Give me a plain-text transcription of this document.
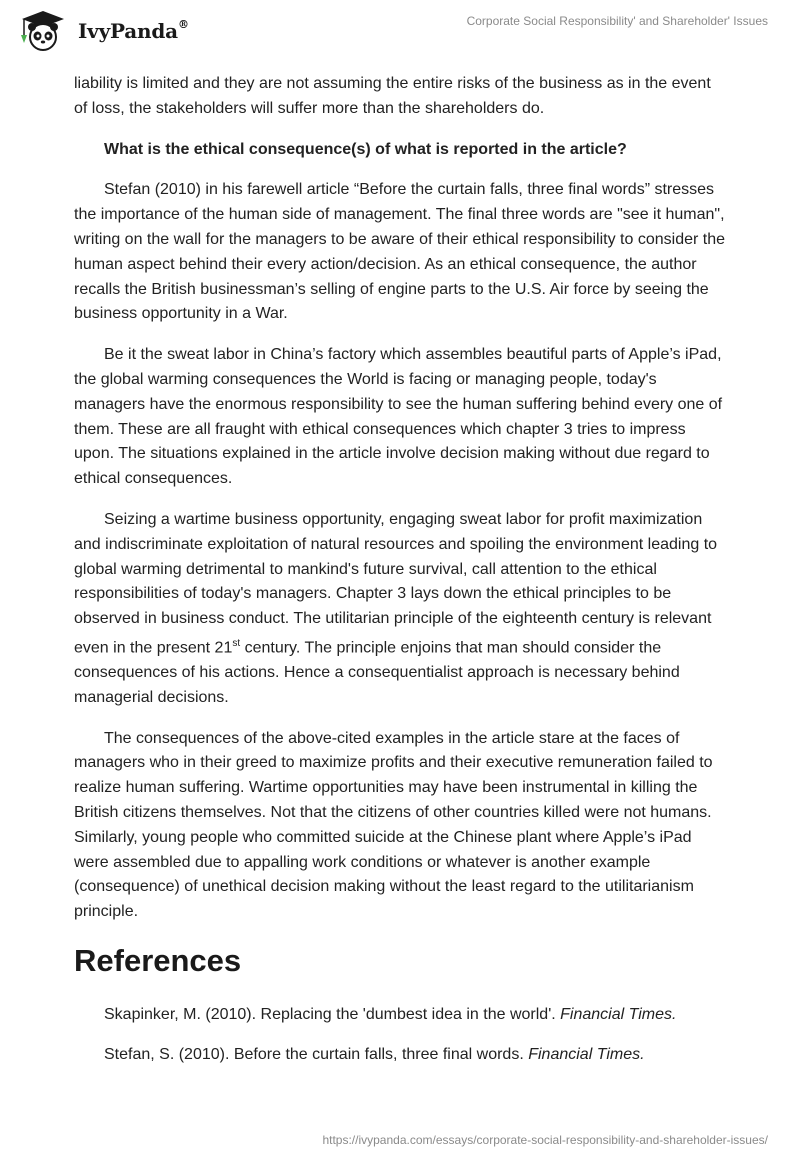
IvyPanda®	Corporate Social Responsibility' and Shareholder' Issues

liability is limited and they are not assuming the entire risks of the business as in the event of loss, the stakeholders will suffer more than the shareholders do.

What is the ethical consequence(s) of what is reported in the article?

Stefan (2010) in his farewell article “Before the curtain falls, three final words” stresses the importance of the human side of management. The final three words are "see it human", writing on the wall for the managers to be aware of their ethical responsibility to consider the human aspect behind their every action/decision. As an ethical consequence, the author recalls the British businessman’s selling of engine parts to the U.S. Air force by seeing the business opportunity in a War.

Be it the sweat labor in China’s factory which assembles beautiful parts of Apple’s iPad, the global warming consequences the World is facing or managing people, today's managers have the enormous responsibility to see the human suffering behind every one of them. These are all fraught with ethical consequences which chapter 3 tries to impress upon. The situations explained in the article involve decision making without due regard to ethical consequences.

Seizing a wartime business opportunity, engaging sweat labor for profit maximization and indiscriminate exploitation of natural resources and spoiling the environment leading to global warming detrimental to mankind's future survival, call attention to the ethical responsibilities of today's managers. Chapter 3 lays down the ethical principles to be observed in business conduct. The utilitarian principle of the eighteenth century is relevant even in the present 21st century. The principle enjoins that man should consider the consequences of his actions. Hence a consequentialist approach is necessary behind managerial decisions.

The consequences of the above-cited examples in the article stare at the faces of managers who in their greed to maximize profits and their executive remuneration failed to realize human suffering. Wartime opportunities may have been instrumental in killing the British citizens themselves. Not that the citizens of other countries killed were not humans. Similarly, young people who committed suicide at the Chinese plant where Apple’s iPad were assembled due to appalling work conditions or whatever is another example (consequence) of unethical decision making without the least regard to the utilitarianism principle.

References

Skapinker, M. (2010). Replacing the 'dumbest idea in the world'. Financial Times.

Stefan, S. (2010). Before the curtain falls, three final words. Financial Times.

https://ivypanda.com/essays/corporate-social-responsibility-and-shareholder-issues/
